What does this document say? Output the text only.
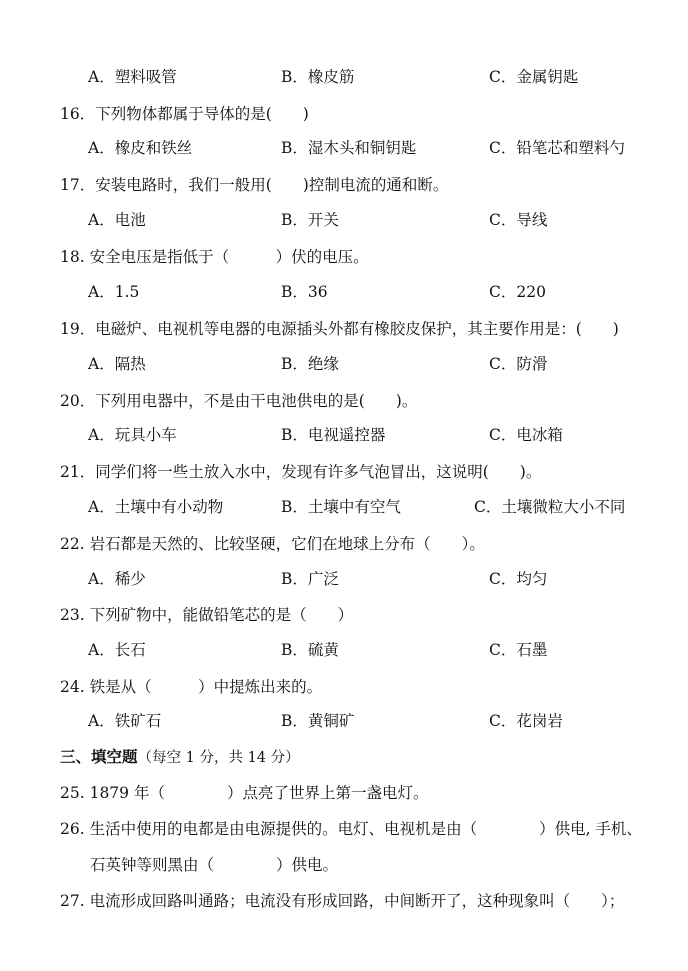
A．塑料吸管	B．橡皮筋	C．金属钥匙
16．下列物体都属于导体的是(　　)
A．橡皮和铁丝	B．湿木头和铜钥匙	C．铅笔芯和塑料勺
17．安装电路时，我们一般用(　　)控制电流的通和断。
A．电池	B．开关	C．导线
18. 安全电压是指低于（　　　）伏的电压。
A．1.5	B．36	C．220
19．电磁炉、电视机等电器的电源插头外都有橡胶皮保护，其主要作用是：(　　)
A．隔热	B．绝缘	C．防滑
20．下列用电器中，不是由干电池供电的是(　　)。
A．玩具小车	B．电视遥控器	C．电冰箱
21．同学们将一些土放入水中，发现有许多气泡冒出，这说明(　　)。
A．土壤中有小动物	B．土壤中有空气	C．土壤微粒大小不同
22. 岩石都是天然的、比较坚硬，它们在地球上分布（　　）。
A．稀少	B．广泛	C．均匀
23. 下列矿物中，能做铅笔芯的是（　　）
A．长石	B．硫黄	C．石墨
24. 铁是从（　　　）中提炼出来的。
A．铁矿石	B．黄铜矿	C．花岗岩
三、填空题（每空 1 分，共 14 分）
25. 1879 年（　　　　）点亮了世界上第一盏电灯。
26. 生活中使用的电都是由电源提供的。电灯、电视机是由（　　　　）供电, 手机、
石英钟等则黑由（　　　　）供电。
27. 电流形成回路叫通路；电流没有形成回路，中间断开了，这种现象叫（　　）；
